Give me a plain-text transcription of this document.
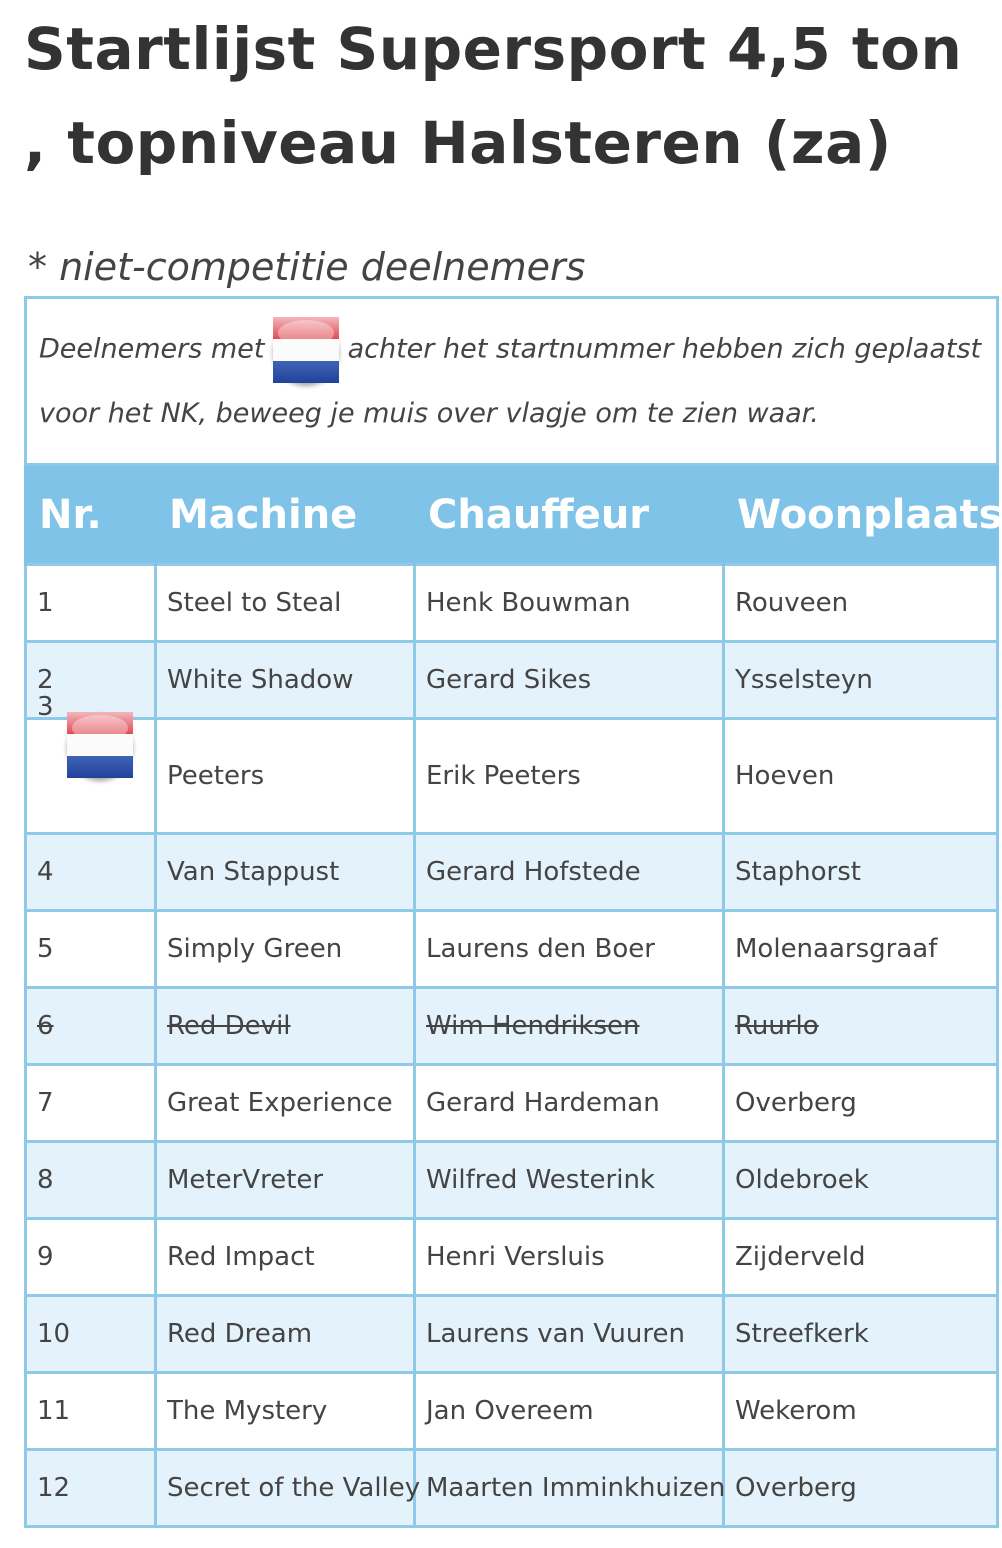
Startlijst Supersport 4,5 ton , topniveau Halsteren (za)

* niet-competitie deelnemers

Deelnemers met achter het startnummer hebben zich geplaatst voor het NK, beweeg je muis over vlagje om te zien waar.			
Nr.	Machine	Chauffeur	Woonplaats
1	Steel to Steal	Henk Bouwman	Rouveen
2	White Shadow	Gerard Sikes	Ysselsteyn

3	Peeters	Erik Peeters	Hoeven
4	Van Stappust	Gerard Hofstede	Staphorst
5	Simply Green	Laurens den Boer	Molenaarsgraaf
6	Red Devil	Wim Hendriksen	Ruurlo
7	Great Experience	Gerard Hardeman	Overberg
8	MeterVreter	Wilfred Westerink	Oldebroek
9	Red Impact	Henri Versluis	Zijderveld
10	Red Dream	Laurens van Vuuren	Streefkerk
11	The Mystery	Jan Overeem	Wekerom
12	Secret of the Valley	Maarten Imminkhuizen	Overberg
